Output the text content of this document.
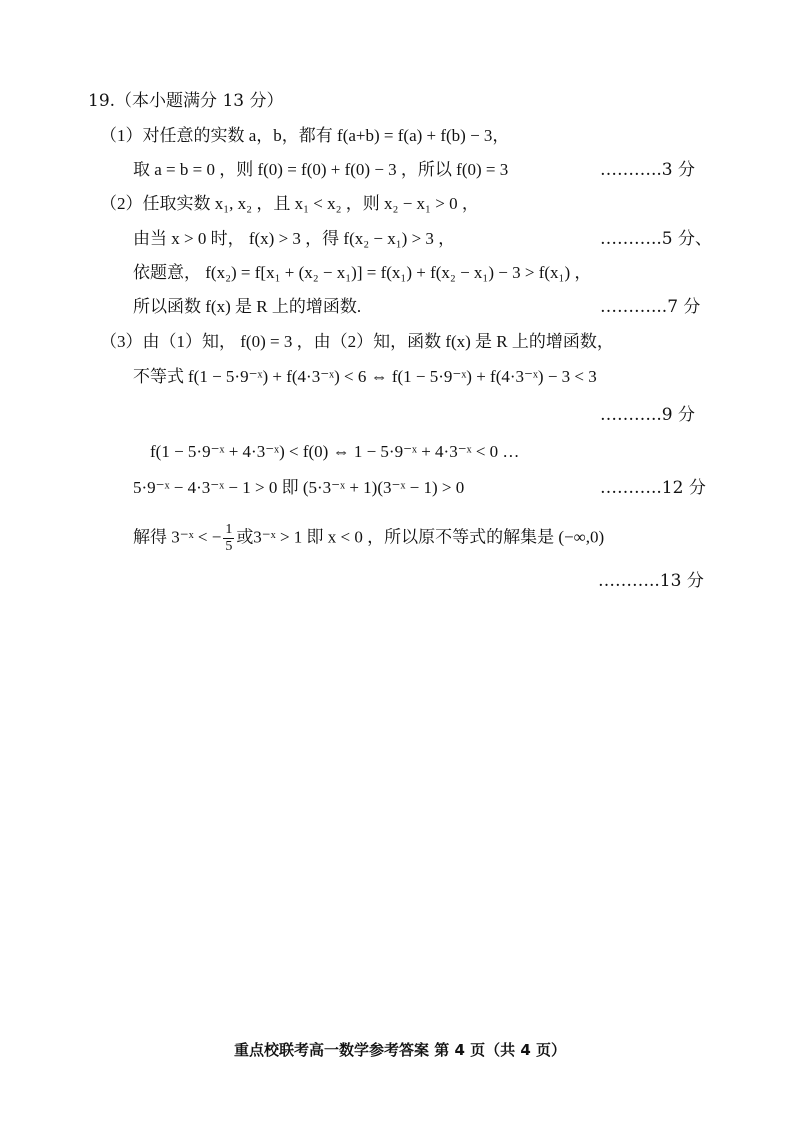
19.（本小题满分 13 分）
（1）对任意的实数 a，b，都有 f(a+b) = f(a) + f(b) − 3，
取 a = b = 0 ，则 f(0) = f(0) + f(0) − 3 ，所以 f(0) = 3	………..3 分
（2）任取实数 x₁, x₂ ，且 x₁ < x₂ ，则 x₂ − x₁ > 0 ，
由当 x > 0 时， f(x) > 3 ，得 f(x₂ − x₁) > 3 ，	………..5 分、
依题意， f(x₂) = f[x₁ + (x₂ − x₁)] = f(x₁) + f(x₂ − x₁) − 3 > f(x₁) ，
所以函数 f(x) 是 R 上的增函数.	………...7 分
（3）由（1）知， f(0) = 3 ，由（2）知，函数 f(x) 是 R 上的增函数，
不等式 f(1 − 5·9⁻ˣ) + f(4·3⁻ˣ) < 6 ⇔ f(1 − 5·9⁻ˣ) + f(4·3⁻ˣ) − 3 < 3
………..9 分
f(1 − 5·9⁻ˣ + 4·3⁻ˣ) < f(0) ⇔ 1 − 5·9⁻ˣ + 4·3⁻ˣ < 0 …
5·9⁻ˣ − 4·3⁻ˣ − 1 > 0 即 (5·3⁻ˣ + 1)(3⁻ˣ − 1) > 0	………..12 分
解得 3⁻ˣ < − $\frac{1}{5}$ 或3⁻ˣ > 1 即 x < 0 ，所以原不等式的解集是 (−∞,0)
………..13 分
重点校联考高一数学参考答案 第 4 页（共 4 页）
